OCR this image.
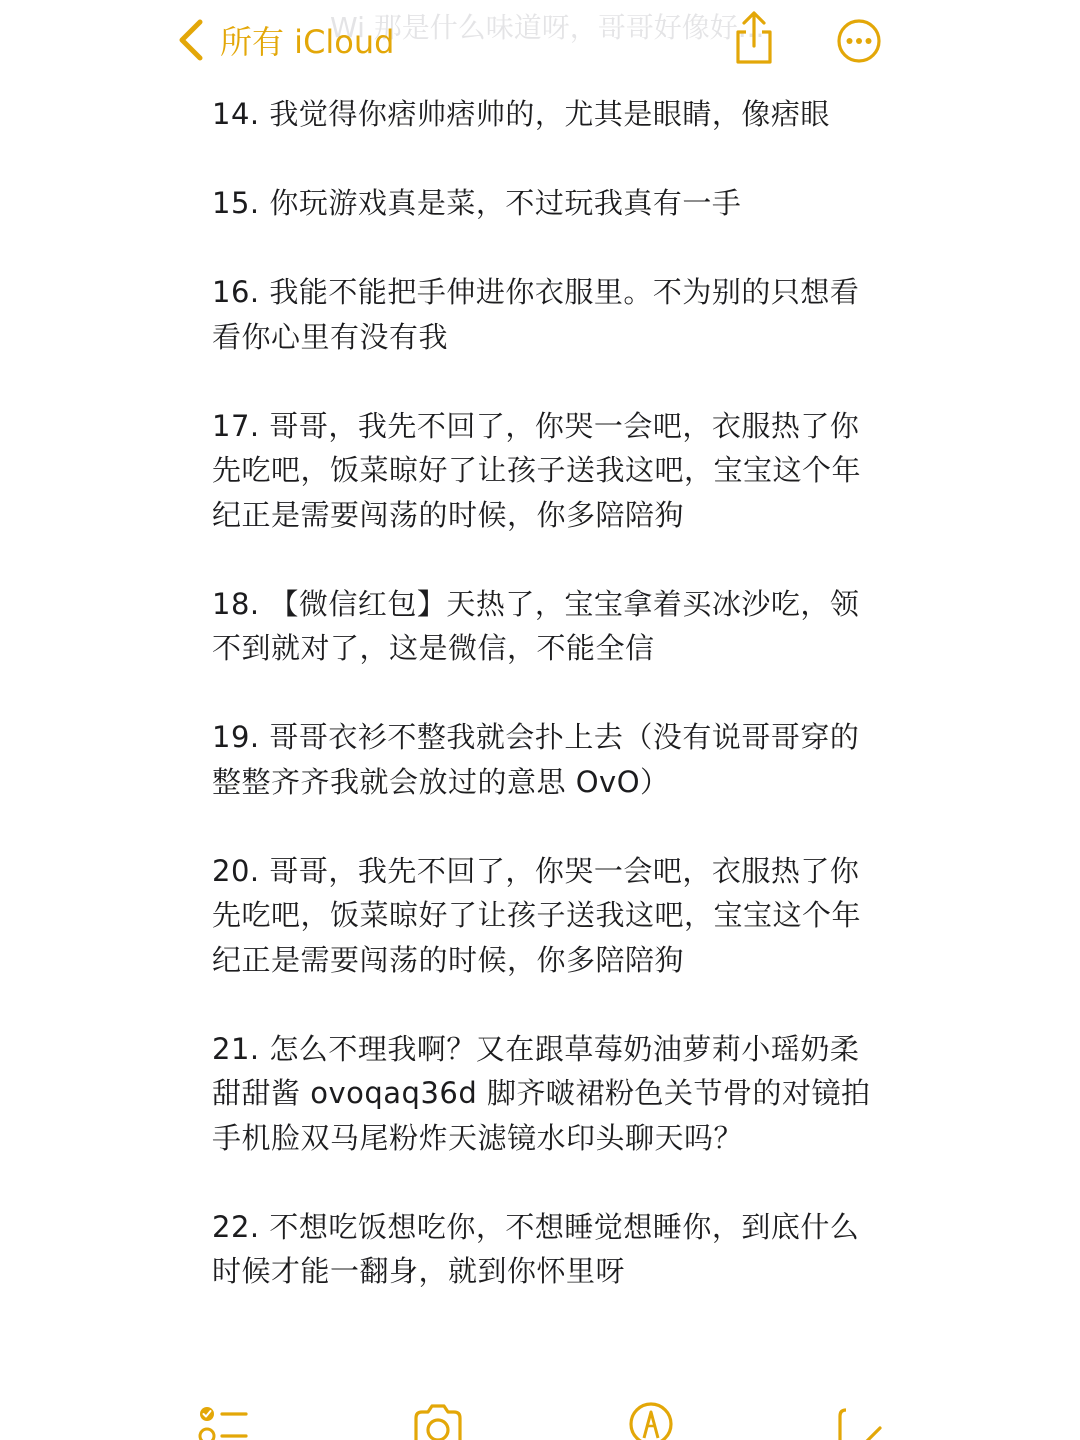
Wi 那是什么味道呀，哥哥好像好...
所有 iCloud

14. 我觉得你痞帅痞帅的，尤其是眼睛，像痞眼

15. 你玩游戏真是菜，不过玩我真有一手

16. 我能不能把手伸进你衣服里。不为别的只想看看你心里有没有我

17. 哥哥，我先不回了，你哭一会吧，衣服热了你先吃吧，饭菜晾好了让孩子送我这吧，宝宝这个年纪正是需要闯荡的时候，你多陪陪狗

18. 【微信红包】天热了，宝宝拿着买冰沙吃，领不到就对了，这是微信，不能全信

19. 哥哥衣衫不整我就会扑上去（没有说哥哥穿的整整齐齐我就会放过的意思 OvO）

20. 哥哥，我先不回了，你哭一会吧，衣服热了你先吃吧，饭菜晾好了让孩子送我这吧，宝宝这个年纪正是需要闯荡的时候，你多陪陪狗

21. 怎么不理我啊？又在跟草莓奶油萝莉小瑶奶柔甜甜酱 ovoqaq36d 脚齐啵裙粉色关节骨的对镜拍手机脸双马尾粉炸天滤镜水印头聊天吗？

22. 不想吃饭想吃你，不想睡觉想睡你，到底什么时候才能一翻身，就到你怀里呀
